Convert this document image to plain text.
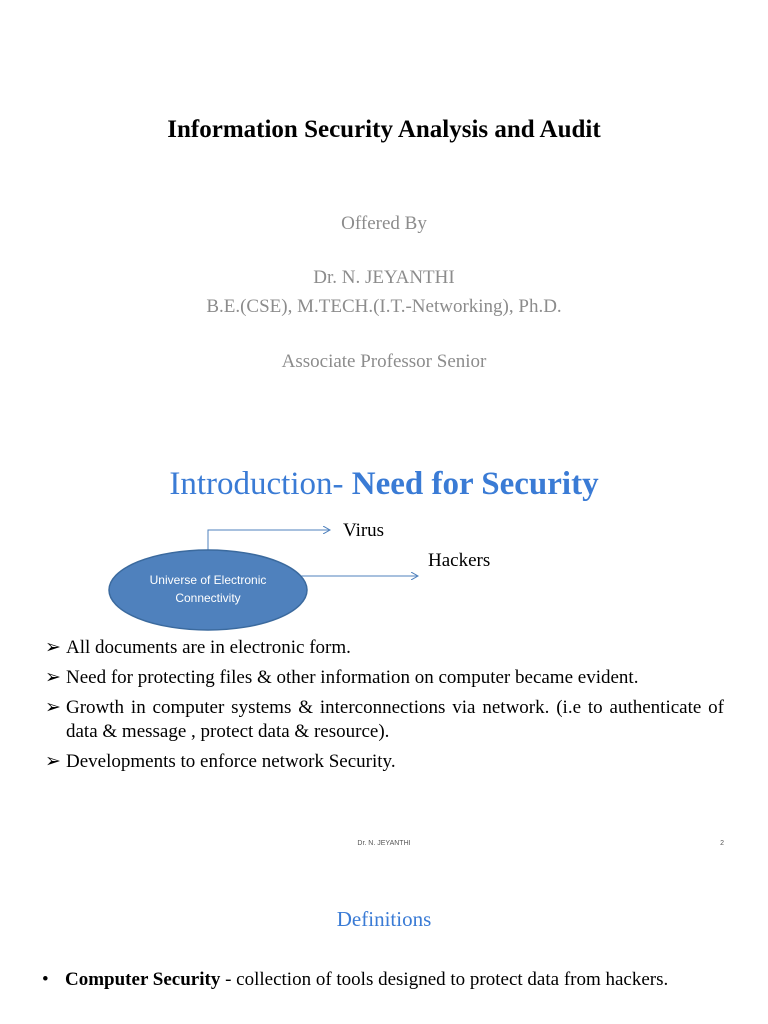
Information Security Analysis and Audit
Offered By
Dr. N. JEYANTHI
B.E.(CSE), M.TECH.(I.T.-Networking), Ph.D.
Associate Professor Senior
Introduction- Need for Security
Universe of Electronic
Connectivity
Virus
Hackers
➢ All documents are in electronic form.
➢ Need for protecting files & other information on computer became evident.
➢ Growth in computer systems & interconnections via network. (i.e to authenticate of data & message , protect data & resource).
➢ Developments to enforce network Security.
Dr. N. JEYANTHI	2
Definitions
• Computer Security - collection of tools designed to protect data from hackers.
